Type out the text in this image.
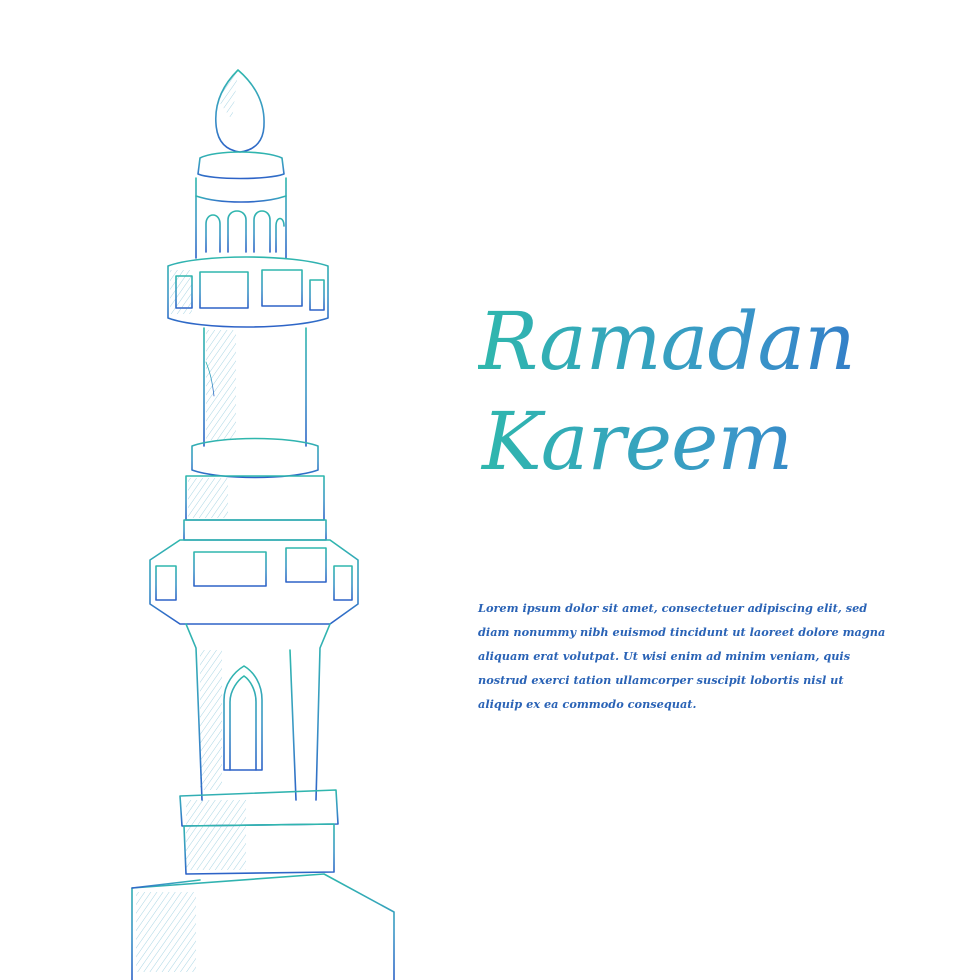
Ramadan
Kareem

Lorem ipsum dolor sit amet, consectetuer adipiscing elit, sed diam nonummy nibh euismod tincidunt ut laoreet dolore magna aliquam erat volutpat. Ut wisi enim ad minim veniam, quis nostrud exerci tation ullamcorper suscipit lobortis nisl ut aliquip ex ea commodo consequat.
